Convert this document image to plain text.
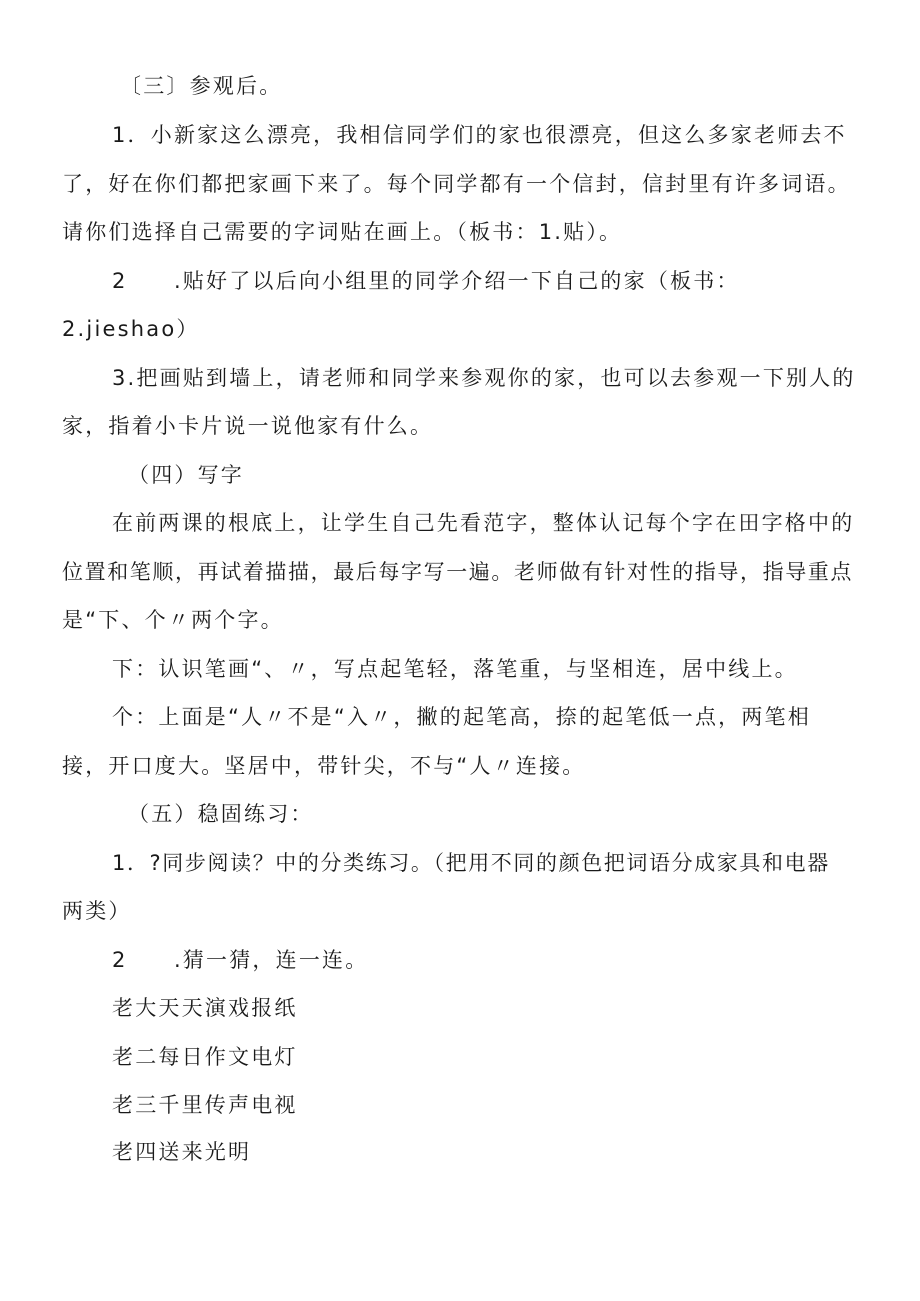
〔三〕参观后。
1．小新家这么漂亮，我相信同学们的家也很漂亮，但这么多家老师去不
了，好在你们都把家画下来了。每个同学都有一个信封，信封里有许多词语。
请你们选择自己需要的字词贴在画上。（板书：1.贴）。
2　　.贴好了以后向小组里的同学介绍一下自己的家（板书：
2.jieshao）
3.把画贴到墙上，请老师和同学来参观你的家，也可以去参观一下别人的
家，指着小卡片说一说他家有什么。
（四）写字
在前两课的根底上，让学生自己先看范字，整体认记每个字在田字格中的
位置和笔顺，再试着描描，最后每字写一遍。老师做有针对性的指导，指导重点
是“下、个〃两个字。
下：认识笔画“、〃，写点起笔轻，落笔重，与坚相连，居中线上。
个：上面是“人〃不是“入〃，撇的起笔高，捺的起笔低一点，两笔相
接，开口度大。坚居中，带针尖，不与“人〃连接。
（五）稳固练习：
1．?同步阅读？中的分类练习。（把用不同的颜色把词语分成家具和电器
两类）
2　　.猜一猜，连一连。
老大天天演戏报纸
老二每日作文电灯
老三千里传声电视
老四送来光明
